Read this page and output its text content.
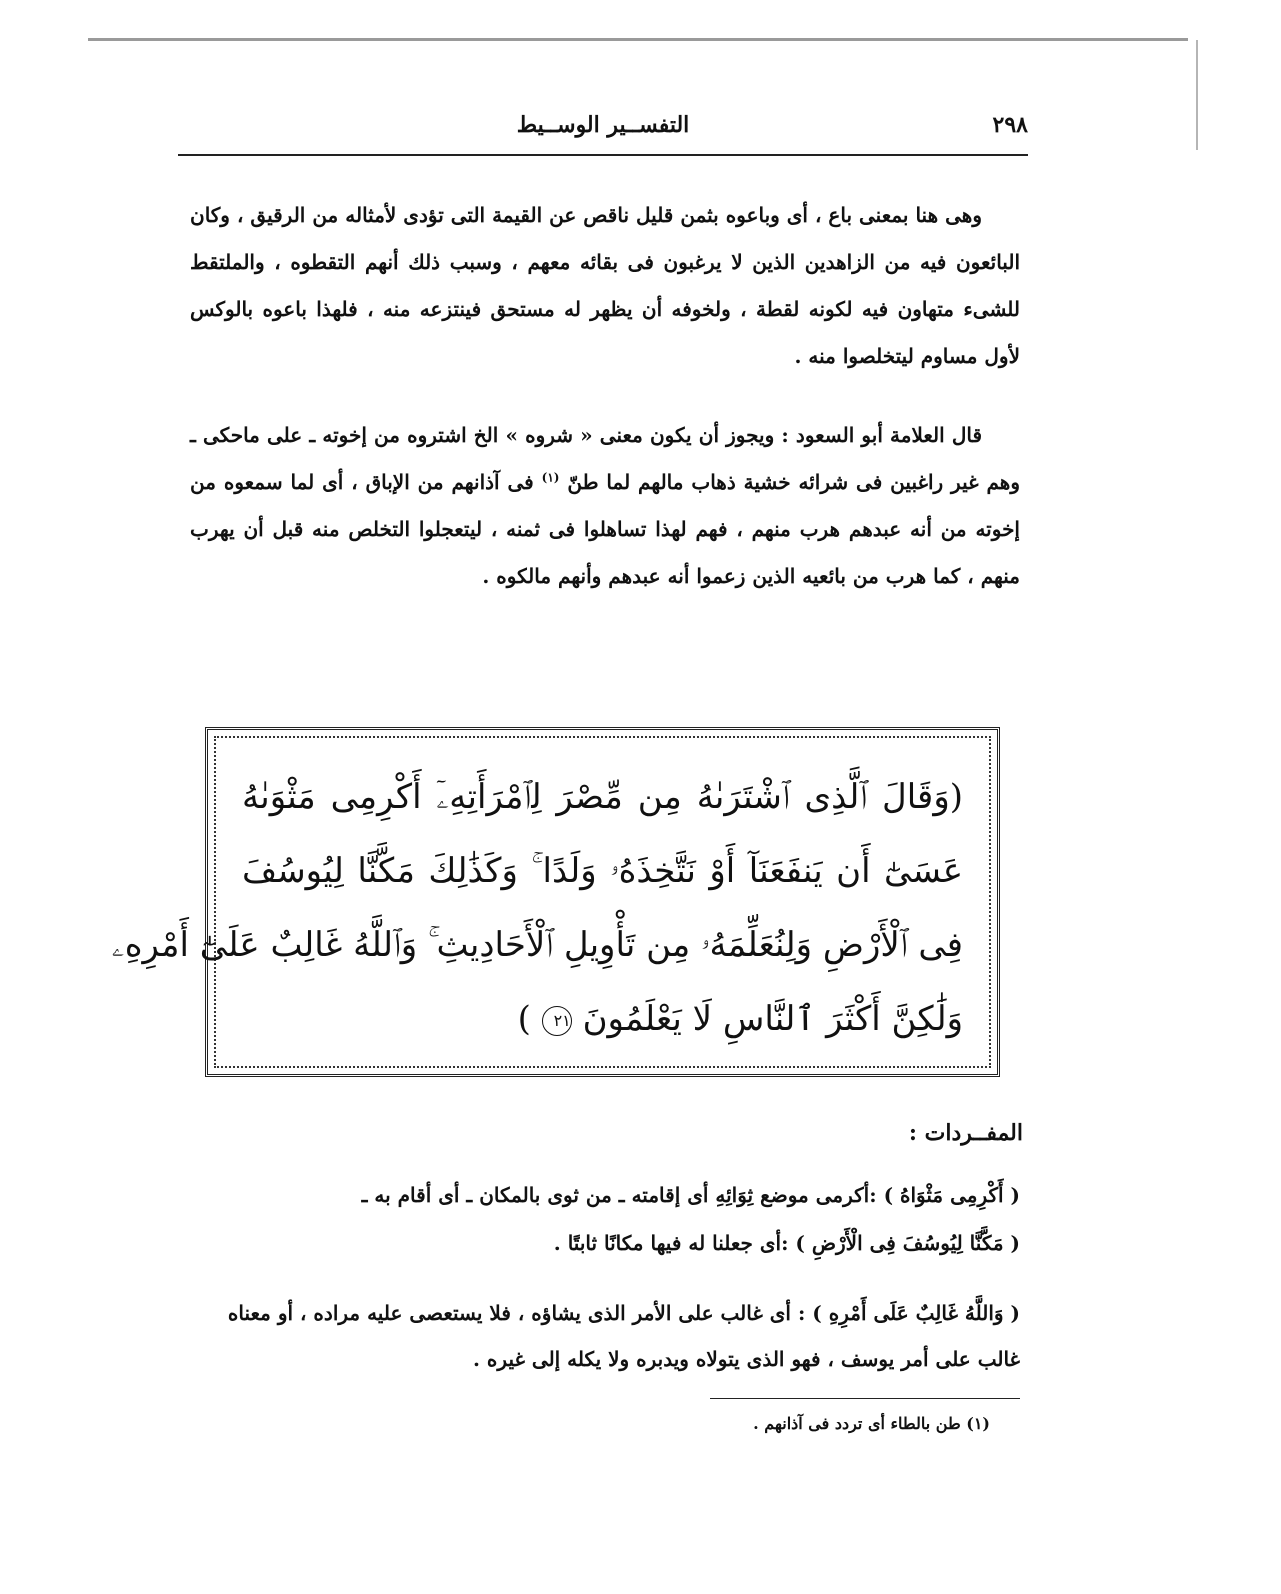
٢٩٨
التفســير الوســيط

وهى هنا بمعنى باع ، أى وباعوه بثمن قليل ناقص عن القيمة التى تؤدى لأمثاله من الرقيق ، وكان البائعون فيه من الزاهدين الذين لا يرغبون فى بقائه معهم ، وسبب ذلك أنهم التقطوه ، والملتقط للشىء متهاون فيه لكونه لقطة ، ولخوفه أن يظهر له مستحق فينتزعه منه ، فلهذا باعوه بالوكس لأول مساوم ليتخلصوا منه .

قال العلامة أبو السعود : ويجوز أن يكون معنى « شروه » الخ اشتروه من إخوته ـ على ماحكى ـ وهم غير راغبين فى شرائه خشية ذهاب مالهم لما طنّ $^{(١)}$ فى آذانهم من الإباق ، أى لما سمعوه من إخوته من أنه عبدهم هرب منهم ، فهم لهذا تساهلوا فى ثمنه ، ليتعجلوا التخلص منه قبل أن يهرب منهم ، كما هرب من بائعيه الذين زعموا أنه عبدهم وأنهم مالكوه .

(وَقَالَ ٱلَّذِى ٱشْتَرَىٰهُ مِن مِّصْرَ لِٱمْرَأَتِهِۦٓ أَكْرِمِى مَثْوَىٰهُ
عَسَىٰٓ أَن يَنفَعَنَآ أَوْ نَتَّخِذَهُۥ وَلَدًا ۚ وَكَذَٰلِكَ مَكَّنَّا لِيُوسُفَ
فِى ٱلْأَرْضِ وَلِنُعَلِّمَهُۥ مِن تَأْوِيلِ ٱلْأَحَادِيثِ ۚ وَٱللَّهُ غَالِبٌ عَلَىٰٓ أَمْرِهِۦ
وَلَٰكِنَّ أَكْثَرَ ٱلنَّاسِ لَا يَعْلَمُونَ ٢١ )
المفــردات :

( أَكْرِمِى مَثْوَاهُ ) :أكرمى موضع ثِوَائِهِ أى إقامته ـ من ثوى بالمكان ـ أى أقام به ـ

( مَكَّنَّا لِيُوسُفَ فِى الْأَرْضِ ) :أى جعلنا له فيها مكانًا ثابتًا .

( وَاللَّهُ غَالِبٌ عَلَى أَمْرِهِ ) : أى غالب على الأمر الذى يشاؤه ، فلا يستعصى عليه مراده ، أو معناه غالب على أمر يوسف ، فهو الذى يتولاه ويدبره ولا يكله إلى غيره .

(١) طن بالطاء أى تردد فى آذانهم .
